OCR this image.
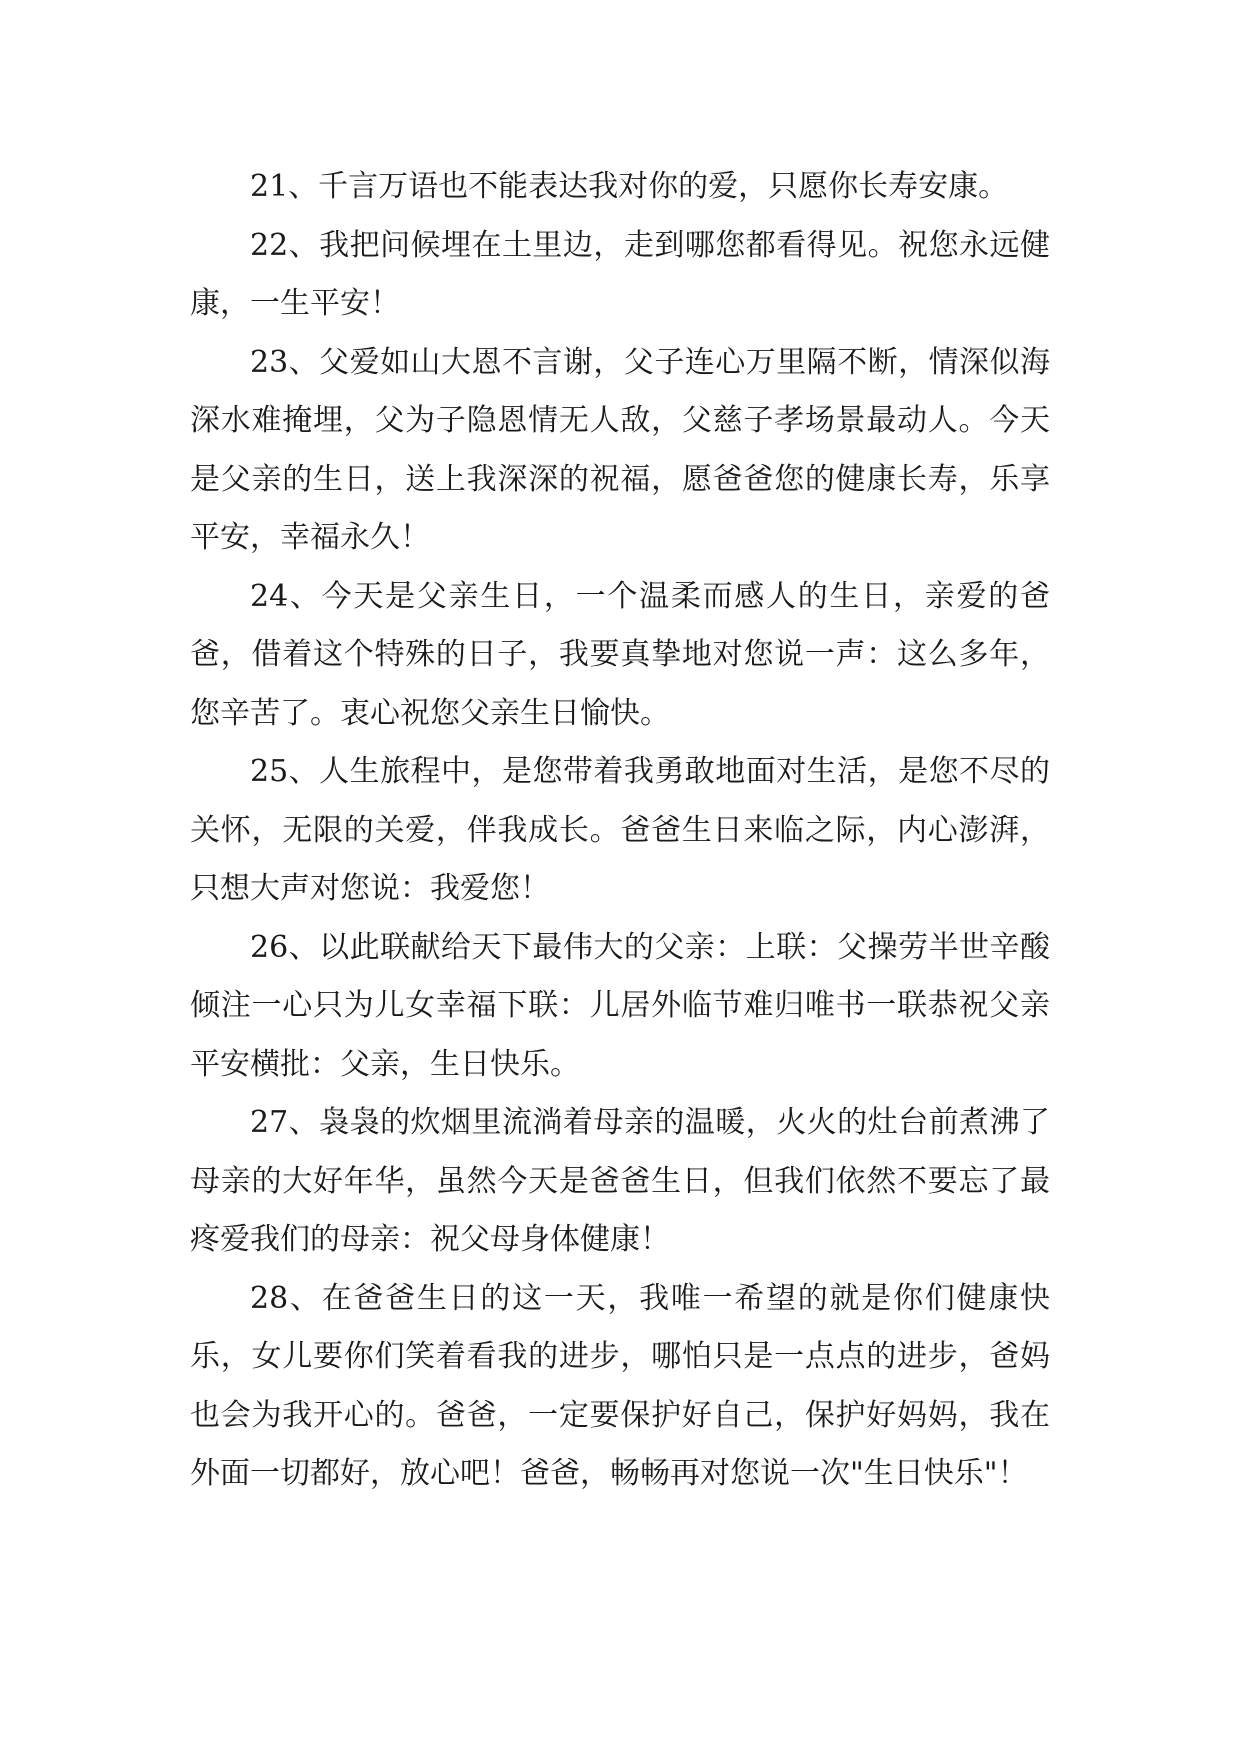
21、千言万语也不能表达我对你的爱，只愿你长寿安康。

22、我把问候埋在土里边，走到哪您都看得见。祝您永远健康，一生平安！

23、父爱如山大恩不言谢，父子连心万里隔不断，情深似海深水难掩埋，父为子隐恩情无人敌，父慈子孝场景最动人。今天是父亲的生日，送上我深深的祝福，愿爸爸您的健康长寿，乐享平安，幸福永久！

24、今天是父亲生日，一个温柔而感人的生日，亲爱的爸爸，借着这个特殊的日子，我要真挚地对您说一声：这么多年，您辛苦了。衷心祝您父亲生日愉快。

25、人生旅程中，是您带着我勇敢地面对生活，是您不尽的关怀，无限的关爱，伴我成长。爸爸生日来临之际，内心澎湃，只想大声对您说：我爱您！

26、以此联献给天下最伟大的父亲：上联：父操劳半世辛酸倾注一心只为儿女幸福下联：儿居外临节难归唯书一联恭祝父亲平安横批：父亲，生日快乐。

27、袅袅的炊烟里流淌着母亲的温暖，火火的灶台前煮沸了母亲的大好年华，虽然今天是爸爸生日，但我们依然不要忘了最疼爱我们的母亲：祝父母身体健康！

28、在爸爸生日的这一天，我唯一希望的就是你们健康快乐，女儿要你们笑着看我的进步，哪怕只是一点点的进步，爸妈也会为我开心的。爸爸，一定要保护好自己，保护好妈妈，我在外面一切都好，放心吧！爸爸，畅畅再对您说一次"生日快乐"！
